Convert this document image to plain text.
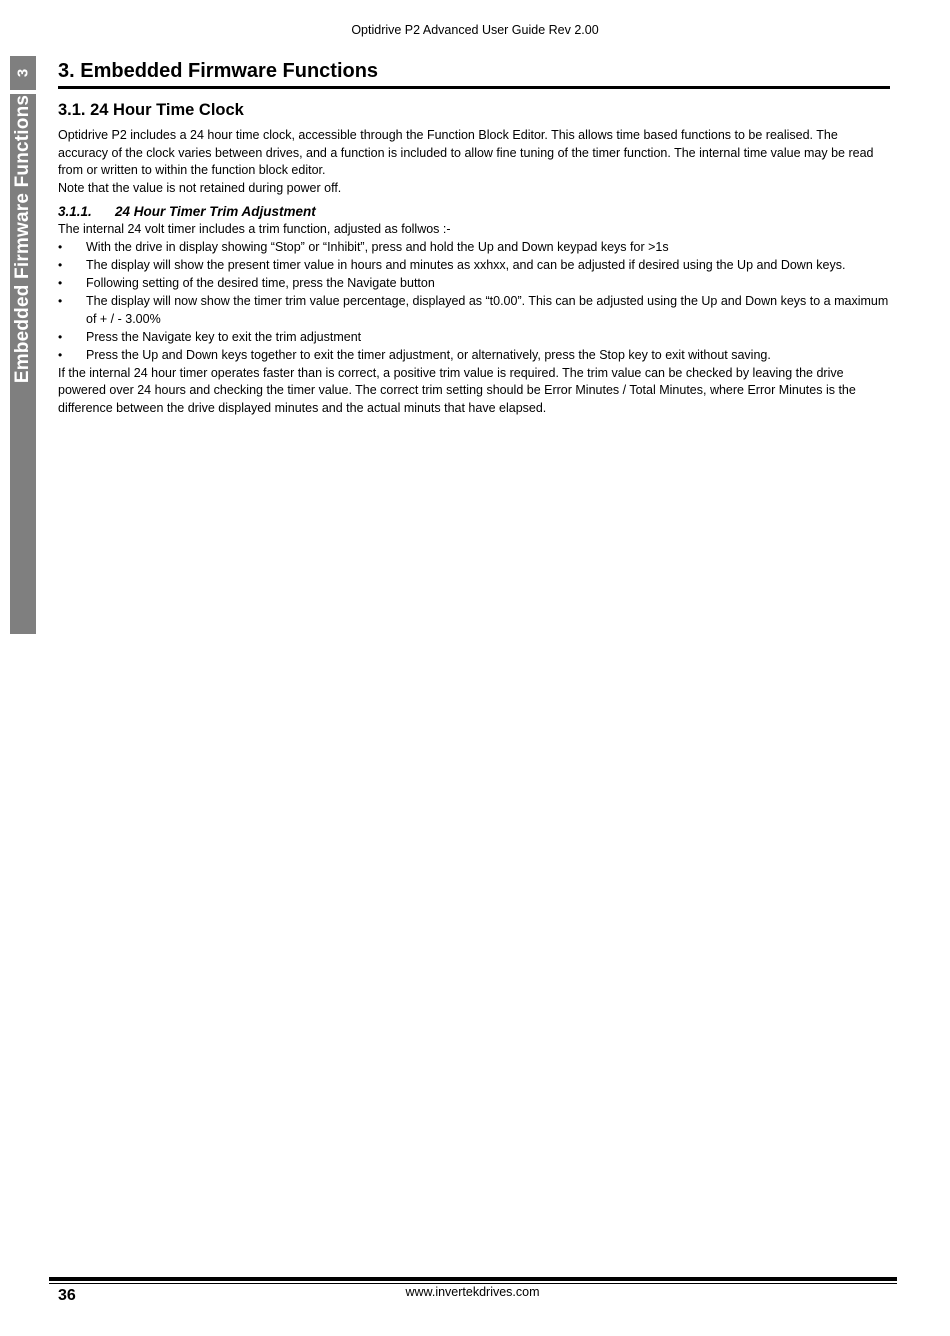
Optidrive P2 Advanced User Guide Rev 2.00
3
Embedded Firmware Functions
3. Embedded Firmware Functions
3.1. 24 Hour Time Clock

Optidrive P2 includes a 24 hour time clock, accessible through the Function Block Editor. This allows time based functions to be realised. The accuracy of the clock varies between drives, and a function is included to allow fine tuning of the timer function. The internal time value may be read from or written to within the function block editor.

Note that the value is not retained during power off.

3.1.1. 24 Hour Timer Trim Adjustment

The internal 24 volt timer includes a trim function, adjusted as follwos :-

•	With the drive in display showing “Stop” or “Inhibit”, press and hold the Up and Down keypad keys for >1s
•	The display will show the present timer value in hours and minutes as xxhxx, and can be adjusted if desired using the Up and Down keys.
•	Following setting of the desired time, press the Navigate button
•	The display will now show the timer trim value percentage, displayed as “t0.00”. This can be adjusted using the Up and Down keys to a maximum of + / - 3.00%
•	Press the Navigate key to exit the trim adjustment
•	Press the Up and Down keys together to exit the timer adjustment, or alternatively, press the Stop key to exit without saving.

If the internal 24 hour timer operates faster than is correct, a positive trim value is required. The trim value can be checked by leaving the drive powered over 24 hours and checking the timer value. The correct trim setting should be Error Minutes / Total Minutes, where Error Minutes is the difference between the drive displayed minutes and the actual minuts that have elapsed.

36	www.invertekdrives.com
